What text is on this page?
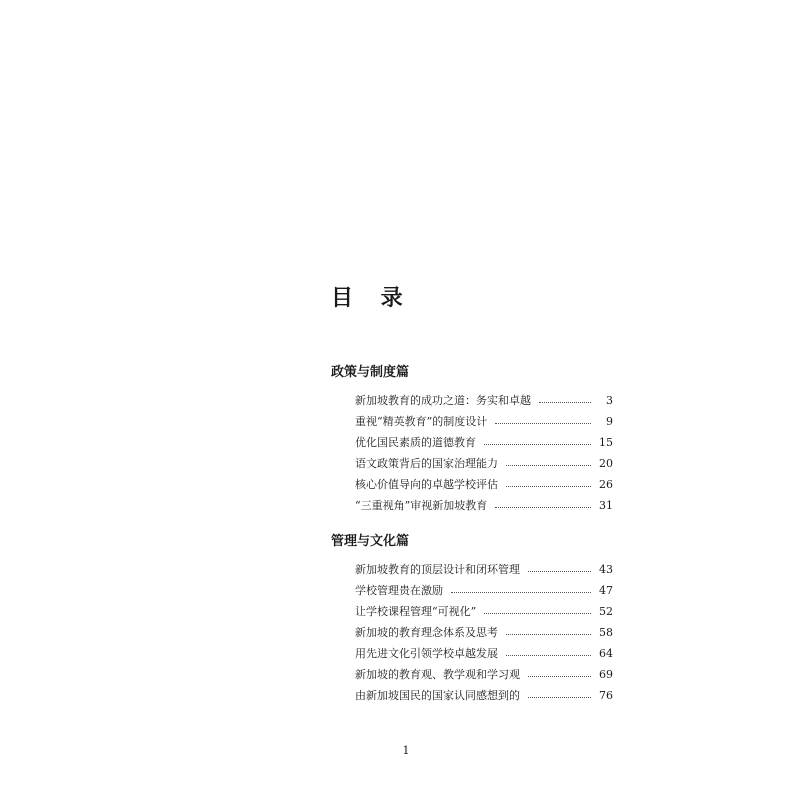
目 录
政策与制度篇
新加坡教育的成功之道：务实和卓越	3
重视“精英教育”的制度设计	9
优化国民素质的道德教育	15
语文政策背后的国家治理能力	20
核心价值导向的卓越学校评估	26
“三重视角”审视新加坡教育	31
管理与文化篇
新加坡教育的顶层设计和闭环管理	43
学校管理贵在激励	47
让学校课程管理“可视化”	52
新加坡的教育理念体系及思考	58
用先进文化引领学校卓越发展	64
新加坡的教育观、教学观和学习观	69
由新加坡国民的国家认同感想到的	76

1
